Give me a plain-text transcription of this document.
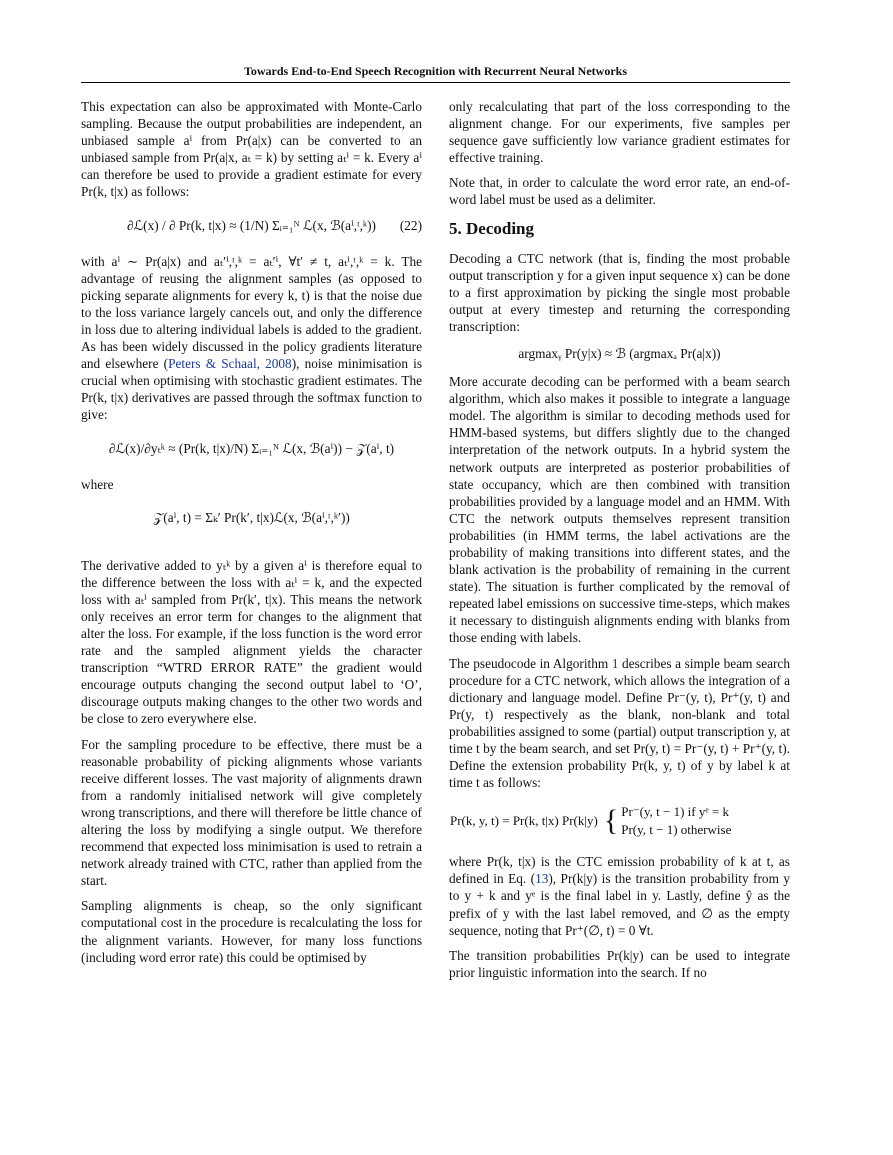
Towards End-to-End Speech Recognition with Recurrent Neural Networks

This expectation can also be approximated with Monte-Carlo sampling. Because the output probabilities are independent, an unbiased sample aⁱ from Pr(a|x) can be converted to an unbiased sample from Pr(a|x, aₜ = k) by setting aₜⁱ = k. Every aⁱ can therefore be used to provide a gradient estimate for every Pr(k, t|x) as follows:

∂ℒ(x) / ∂ Pr(k, t|x) ≈ (1/N) Σᵢ₌₁ᴺ ℒ(x, ℬ(aⁱ,ᵗ,ᵏ)) (22)

with aⁱ ∼ Pr(a|x) and aₜ′ⁱ,ᵗ,ᵏ = aₜ′ⁱ, ∀t′ ≠ t, aₜⁱ,ᵗ,ᵏ = k. The advantage of reusing the alignment samples (as opposed to picking separate alignments for every k, t) is that the noise due to the loss variance largely cancels out, and only the difference in loss due to altering individual labels is added to the gradient. As has been widely discussed in the policy gradients literature and elsewhere (Peters & Schaal, 2008), noise minimisation is crucial when optimising with stochastic gradient estimates. The Pr(k, t|x) derivatives are passed through the softmax function to give:

∂ℒ(x)/∂yₜᵏ ≈ (Pr(k, t|x)/N) Σᵢ₌₁ᴺ ℒ(x, ℬ(aⁱ)) − 𝒵(aⁱ, t)

where

𝒵(aⁱ, t) = Σₖ′ Pr(k′, t|x)ℒ(x, ℬ(aⁱ,ᵗ,ᵏ′))

The derivative added to yₜᵏ by a given aⁱ is therefore equal to the difference between the loss with aₜⁱ = k, and the expected loss with aₜⁱ sampled from Pr(k′, t|x). This means the network only receives an error term for changes to the alignment that alter the loss. For example, if the loss function is the word error rate and the sampled alignment yields the character transcription “WTRD ERROR RATE” the gradient would encourage outputs changing the second output label to ‘O’, discourage outputs making changes to the other two words and be close to zero everywhere else.

For the sampling procedure to be effective, there must be a reasonable probability of picking alignments whose variants receive different losses. The vast majority of alignments drawn from a randomly initialised network will give completely wrong transcriptions, and there will therefore be little chance of altering the loss by modifying a single output. We therefore recommend that expected loss minimisation is used to retrain a network already trained with CTC, rather than applied from the start.

Sampling alignments is cheap, so the only significant computational cost in the procedure is recalculating the loss for the alignment variants. However, for many loss functions (including word error rate) this could be optimised by

only recalculating that part of the loss corresponding to the alignment change. For our experiments, five samples per sequence gave sufficiently low variance gradient estimates for effective training.

Note that, in order to calculate the word error rate, an end-of-word label must be used as a delimiter.

5. Decoding

Decoding a CTC network (that is, finding the most probable output transcription y for a given input sequence x) can be done to a first approximation by picking the single most probable output at every timestep and returning the corresponding transcription:

argmaxᵧ Pr(y|x) ≈ ℬ (argmaxₐ Pr(a|x))

More accurate decoding can be performed with a beam search algorithm, which also makes it possible to integrate a language model. The algorithm is similar to decoding methods used for HMM-based systems, but differs slightly due to the changed interpretation of the network outputs. In a hybrid system the network outputs are interpreted as posterior probabilities of state occupancy, which are then combined with transition probabilities provided by a language model and an HMM. With CTC the network outputs themselves represent transition probabilities (in HMM terms, the label activations are the probability of making transitions into different states, and the blank activation is the probability of remaining in the current state). The situation is further complicated by the removal of repeated label emissions on successive time-steps, which makes it necessary to distinguish alignments ending with blanks from those ending with labels.

The pseudocode in Algorithm 1 describes a simple beam search procedure for a CTC network, which allows the integration of a dictionary and language model. Define Pr⁻(y, t), Pr⁺(y, t) and Pr(y, t) respectively as the blank, non-blank and total probabilities assigned to some (partial) output transcription y, at time t by the beam search, and set Pr(y, t) = Pr⁻(y, t) + Pr⁺(y, t). Define the extension probability Pr(k, y, t) of y by label k at time t as follows:

Pr(k, y, t) = Pr(k, t|x) Pr(k|y)	{	Pr⁻(y, t − 1) if yᵉ = k
Pr(y, t − 1) otherwise

where Pr(k, t|x) is the CTC emission probability of k at t, as defined in Eq. (13), Pr(k|y) is the transition probability from y to y + k and yᵉ is the final label in y. Lastly, define ŷ as the prefix of y with the last label removed, and ∅ as the empty sequence, noting that Pr⁺(∅, t) = 0 ∀t.

The transition probabilities Pr(k|y) can be used to integrate prior linguistic information into the search. If no
